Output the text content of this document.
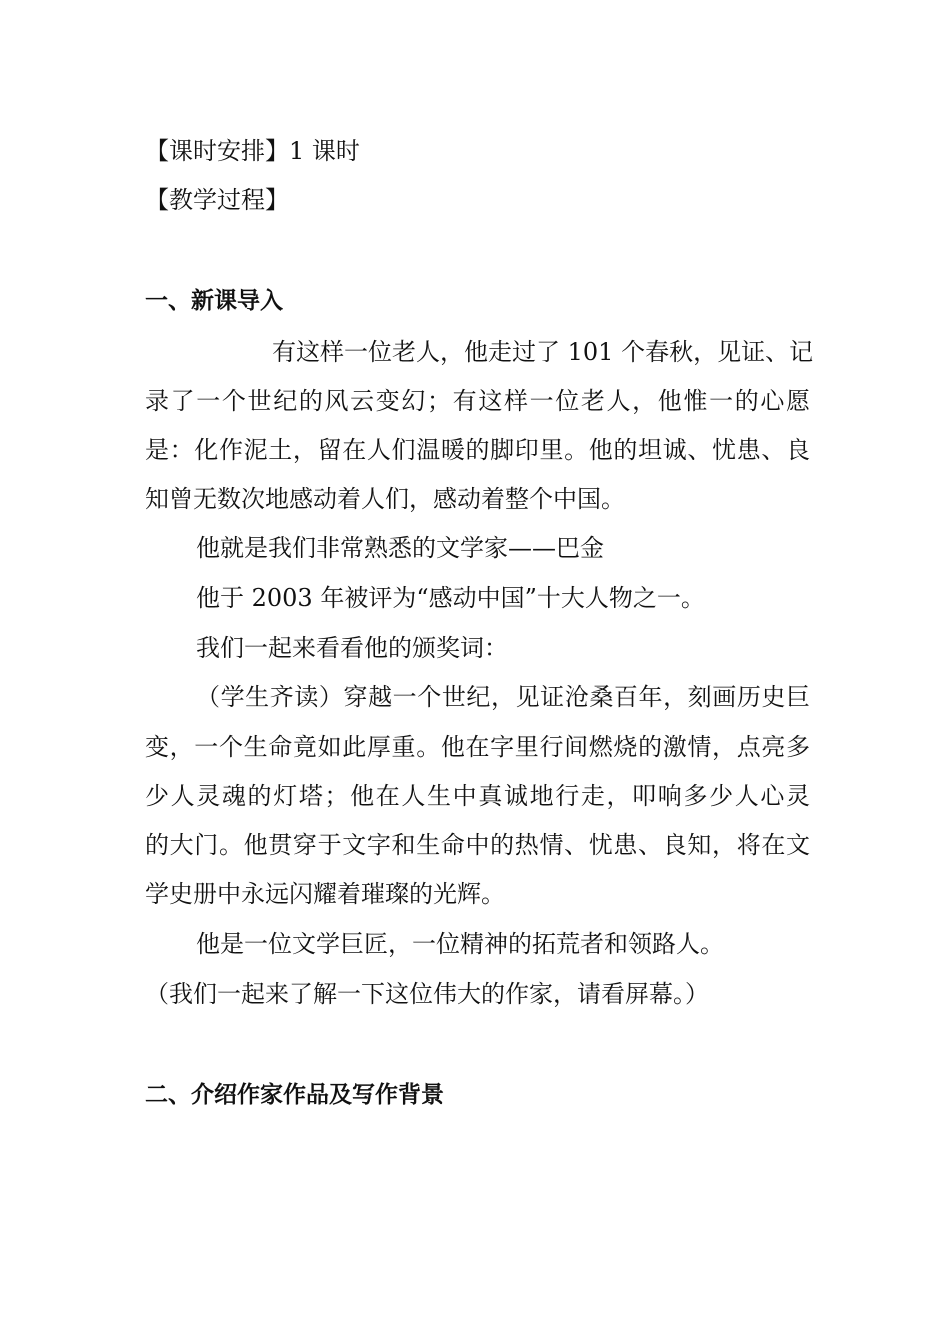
【课时安排】1 课时
【教学过程】
一、新课导入
有这样一位老人，他走过了 101 个春秋，见证、记
录了一个世纪的风云变幻；有这样一位老人，他惟一的心愿
是：化作泥土，留在人们温暖的脚印里。他的坦诚、忧患、良
知曾无数次地感动着人们，感动着整个中国。
他就是我们非常熟悉的文学家——巴金
他于 2003 年被评为“感动中国”十大人物之一。
我们一起来看看他的颁奖词：
（学生齐读）穿越一个世纪，见证沧桑百年，刻画历史巨
变，一个生命竟如此厚重。他在字里行间燃烧的激情，点亮多
少人灵魂的灯塔；他在人生中真诚地行走，叩响多少人心灵
的大门。他贯穿于文字和生命中的热情、忧患、良知，将在文
学史册中永远闪耀着璀璨的光辉。
他是一位文学巨匠，一位精神的拓荒者和领路人。
（我们一起来了解一下这位伟大的作家，请看屏幕。）
二、介绍作家作品及写作背景
